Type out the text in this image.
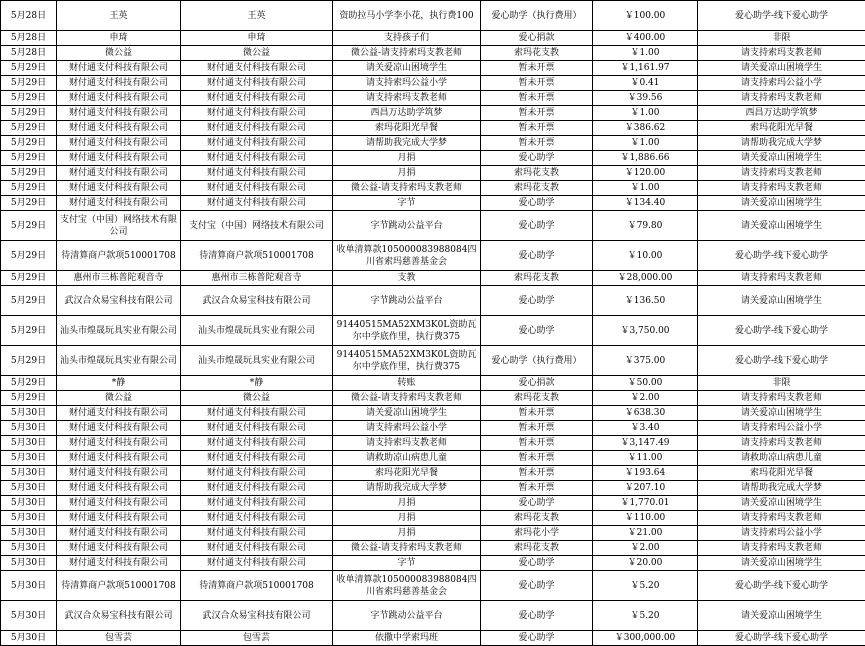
5月28日	王英	王英	资助拉马小学李小花，执行费100	爱心助学（执行费用）	￥100.00	爱心助学-线下爱心助学
5月28日	申琦	申琦	支持孩子们	爱心捐款	￥400.00	非限
5月28日	微公益	微公益	微公益-请支持索玛支教老师	索玛花支教	￥1.00	请支持索玛支教老师
5月29日	财付通支付科技有限公司	财付通支付科技有限公司	请关爱凉山困境学生	暂未开票	￥1,161.97	请关爱凉山困境学生
5月29日	财付通支付科技有限公司	财付通支付科技有限公司	请支持索玛公益小学	暂未开票	￥0.41	请支持索玛公益小学
5月29日	财付通支付科技有限公司	财付通支付科技有限公司	请支持索玛支教老师	暂未开票	￥39.56	请支持索玛支教老师
5月29日	财付通支付科技有限公司	财付通支付科技有限公司	西昌万达助学筑梦	暂未开票	￥1.00	西昌万达助学筑梦
5月29日	财付通支付科技有限公司	财付通支付科技有限公司	索玛花阳光早餐	暂未开票	￥386.62	索玛花阳光早餐
5月29日	财付通支付科技有限公司	财付通支付科技有限公司	请帮助我完成大学梦	暂未开票	￥1.00	请帮助我完成大学梦
5月29日	财付通支付科技有限公司	财付通支付科技有限公司	月捐	爱心助学	￥1,886.66	请关爱凉山困境学生
5月29日	财付通支付科技有限公司	财付通支付科技有限公司	月捐	索玛花支教	￥120.00	请支持索玛支教老师
5月29日	财付通支付科技有限公司	财付通支付科技有限公司	微公益-请支持索玛支教老师	索玛花支教	￥1.00	请支持索玛支教老师
5月29日	财付通支付科技有限公司	财付通支付科技有限公司	字节	爱心助学	￥134.40	请关爱凉山困境学生
5月29日	支付宝（中国）网络技术有限公司	支付宝（中国）网络技术有限公司	字节跳动公益平台	爱心助学	￥79.80	请关爱凉山困境学生
5月29日	待清算商户款项510001708	待清算商户款项510001708	收单清算款105000083988084四川省索玛慈善基金会	爱心助学	￥10.00	爱心助学-线下爱心助学
5月29日	惠州市三栋普陀观音寺	惠州市三栋普陀观音寺	支教	索玛花支教	￥28,000.00	请支持索玛支教老师
5月29日	武汉合众易宝科技有限公司	武汉合众易宝科技有限公司	字节跳动公益平台	爱心助学	￥136.50	请关爱凉山困境学生
5月29日	汕头市煌晟玩具实业有限公司	汕头市煌晟玩具实业有限公司	91440515MA52XM3K0L资助瓦尔中学底作里，执行费375	爱心助学	￥3,750.00	爱心助学-线下爱心助学
5月29日	汕头市煌晟玩具实业有限公司	汕头市煌晟玩具实业有限公司	91440515MA52XM3K0L资助瓦尔中学底作里，执行费375	爱心助学（执行费用）	￥375.00	爱心助学-线下爱心助学
5月29日	*静	*静	转账	爱心捐款	￥50.00	非限
5月29日	微公益	微公益	微公益-请支持索玛支教老师	索玛花支教	￥2.00	请支持索玛支教老师
5月30日	财付通支付科技有限公司	财付通支付科技有限公司	请关爱凉山困境学生	暂未开票	￥638.30	请关爱凉山困境学生
5月30日	财付通支付科技有限公司	财付通支付科技有限公司	请支持索玛公益小学	暂未开票	￥3.40	请支持索玛公益小学
5月30日	财付通支付科技有限公司	财付通支付科技有限公司	请支持索玛支教老师	暂未开票	￥3,147.49	请支持索玛支教老师
5月30日	财付通支付科技有限公司	财付通支付科技有限公司	请救助凉山病患儿童	暂未开票	￥11.00	请救助凉山病患儿童
5月30日	财付通支付科技有限公司	财付通支付科技有限公司	索玛花阳光早餐	暂未开票	￥193.64	索玛花阳光早餐
5月30日	财付通支付科技有限公司	财付通支付科技有限公司	请帮助我完成大学梦	暂未开票	￥207.10	请帮助我完成大学梦
5月30日	财付通支付科技有限公司	财付通支付科技有限公司	月捐	爱心助学	￥1,770.01	请关爱凉山困境学生
5月30日	财付通支付科技有限公司	财付通支付科技有限公司	月捐	索玛花支教	￥110.00	请支持索玛支教老师
5月30日	财付通支付科技有限公司	财付通支付科技有限公司	月捐	索玛花小学	￥21.00	请支持索玛公益小学
5月30日	财付通支付科技有限公司	财付通支付科技有限公司	微公益-请支持索玛支教老师	索玛花支教	￥2.00	请支持索玛支教老师
5月30日	财付通支付科技有限公司	财付通支付科技有限公司	字节	爱心助学	￥20.00	请关爱凉山困境学生
5月30日	待清算商户款项510001708	待清算商户款项510001708	收单清算款105000083988084四川省索玛慈善基金会	爱心助学	￥5.20	爱心助学-线下爱心助学
5月30日	武汉合众易宝科技有限公司	武汉合众易宝科技有限公司	字节跳动公益平台	爱心助学	￥5.20	请关爱凉山困境学生
5月30日	包雪芸	包雪芸	依撒中学索玛班	爱心助学	￥300,000.00	爱心助学-线下爱心助学
